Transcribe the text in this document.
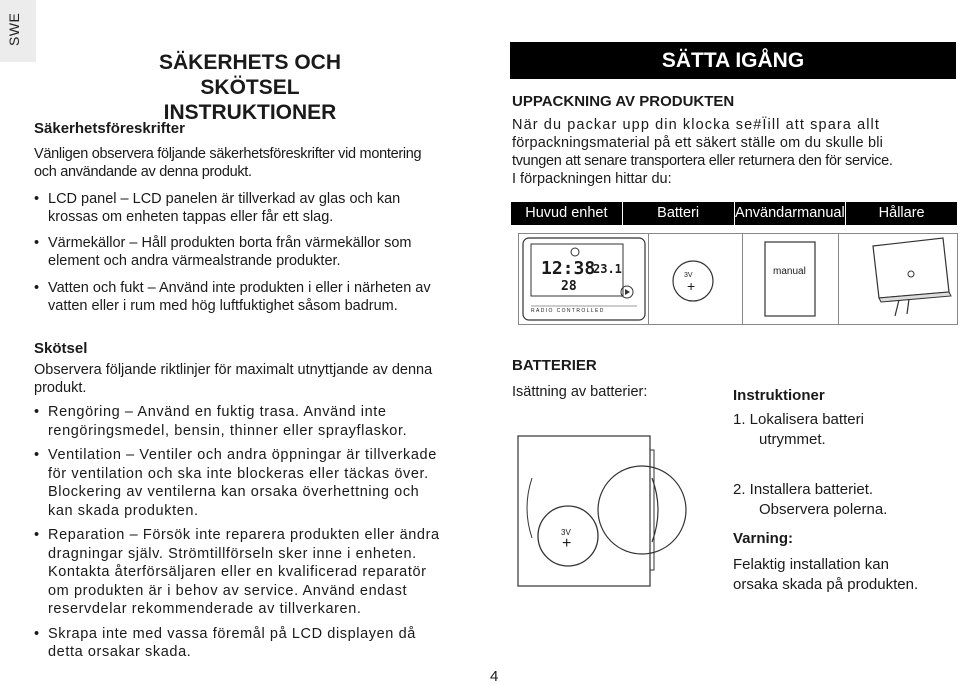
SWE
SÄKERHETS OCH SKÖTSEL
INSTRUKTIONER
Säkerhetsföreskrifter
Vänligen observera följande säkerhetsföreskrifter vid montering
och användande av denna produkt.
• LCD panel – LCD panelen är tillverkad av glas och kan
krossas om enheten tappas eller får ett slag.
• Värmekällor – Håll produkten borta från värmekällor som
element och andra värmealstrande produkter.
• Vatten och fukt – Använd inte produkten i eller i närheten av
vatten eller i rum med hög luftfuktighet såsom badrum.
Skötsel
Observera följande riktlinjer för maximalt utnyttjande av denna
produkt.
• Rengöring – Använd en fuktig trasa. Använd inte
rengöringsmedel, bensin, thinner eller sprayflaskor.
• Ventilation – Ventiler och andra öppningar är tillverkade
för ventilation och ska inte blockeras eller täckas över.
Blockering av ventilerna kan orsaka överhettning och
kan skada produkten.
• Reparation – Försök inte reparera produkten eller ändra
dragningar själv. Strömtillförseln sker inne i enheten.
Kontakta återförsäljaren eller en kvalificerad reparatör
om produkten är i behov av service. Använd endast
reservdelar rekommenderade av tillverkaren.
• Skrapa inte med vassa föremål på LCD displayen då
detta orsakar skada.
SÄTTA IGÅNG
UPPACKNING AV PRODUKTEN
När du packar upp din klocka se#Ïill att spara allt
förpackningsmaterial på ett säkert ställe om du skulle bli
tvungen att senare transportera eller returnera den för service.
I förpackningen hittar du:
Huvud enhet	Batteri	Användarmanual	Hållare
12:38
23.1
28
RADIO CONTROLLED
3V
+
manual
BATTERIER
Isättning av batterier:
3V
+
Instruktioner
1. Lokalisera batteri
utrymmet.
2. Installera batteriet.
Observera polerna.
Varning:
Felaktig installation kan
orsaka skada på produkten.
4
